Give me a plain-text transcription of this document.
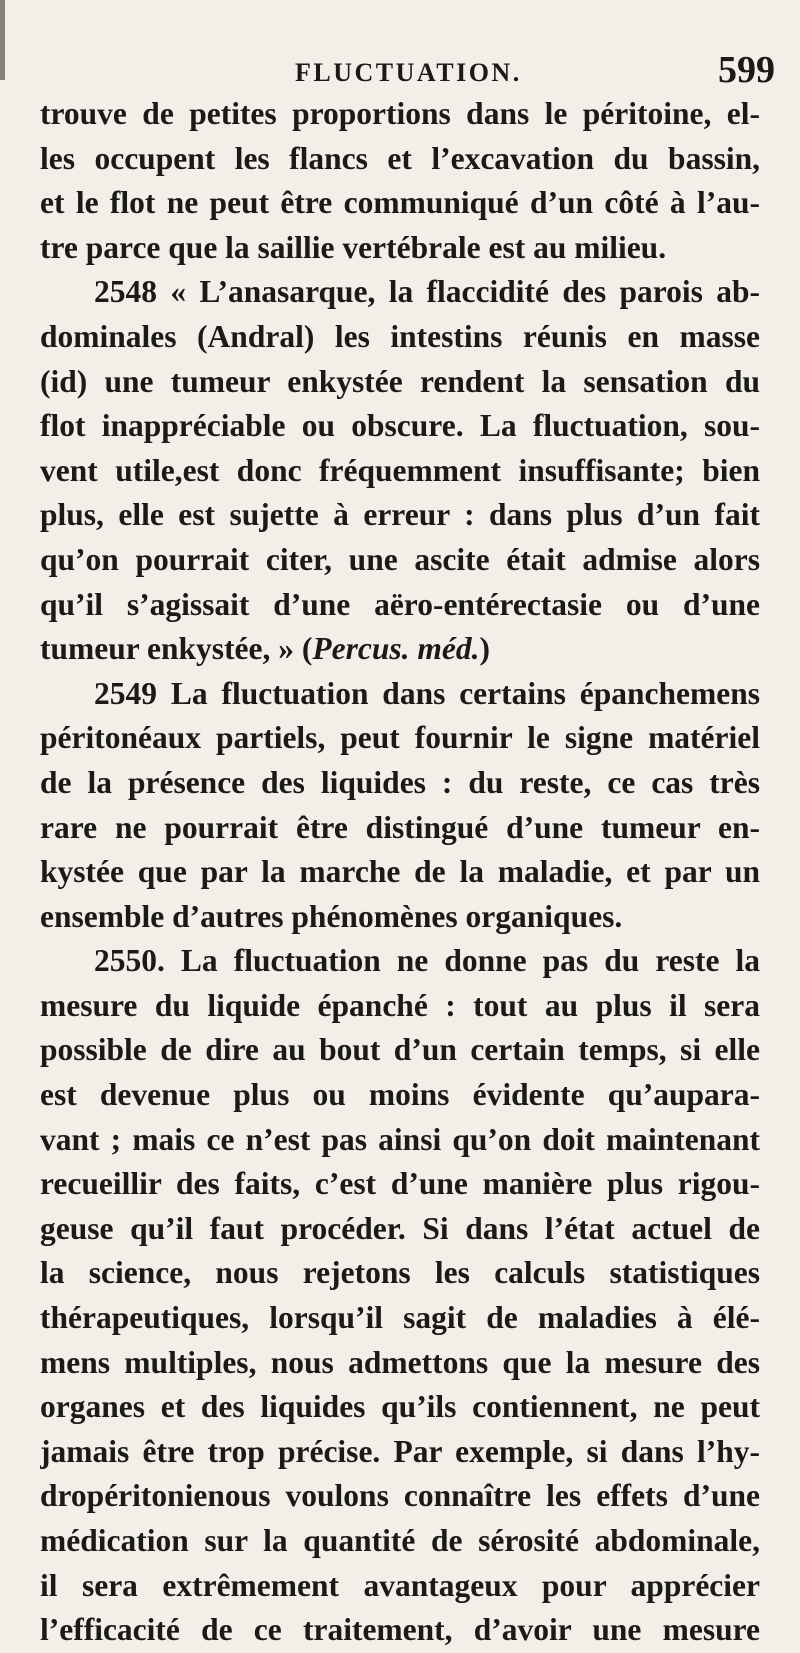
FLUCTUATION.	599
trouve de petites proportions dans le péritoine, el-
les occupent les flancs et l’excavation du bassin,
et le flot ne peut être communiqué d’un côté à l’au-
tre parce que la saillie vertébrale est au milieu.
2548 « L’anasarque, la flaccidité des parois ab-
dominales (Andral) les intestins réunis en masse
(id) une tumeur enkystée rendent la sensation du
flot inappréciable ou obscure. La fluctuation, sou-
vent utile,est donc fréquemment insuffisante; bien
plus, elle est sujette à erreur : dans plus d’un fait
qu’on pourrait citer, une ascite était admise alors
qu’il s’agissait d’une aëro-entérectasie ou d’une
tumeur enkystée, » (Percus. méd.)
2549 La fluctuation dans certains épanchemens
péritonéaux partiels, peut fournir le signe matériel
de la présence des liquides : du reste, ce cas très
rare ne pourrait être distingué d’une tumeur en-
kystée que par la marche de la maladie, et par un
ensemble d’autres phénomènes organiques.
2550. La fluctuation ne donne pas du reste la
mesure du liquide épanché : tout au plus il sera
possible de dire au bout d’un certain temps, si elle
est devenue plus ou moins évidente qu’aupara-
vant ; mais ce n’est pas ainsi qu’on doit maintenant
recueillir des faits, c’est d’une manière plus rigou-
geuse qu’il faut procéder. Si dans l’état actuel de
la science, nous rejetons les calculs statistiques
thérapeutiques, lorsqu’il sagit de maladies à élé-
mens multiples, nous admettons que la mesure des
organes et des liquides qu’ils contiennent, ne peut
jamais être trop précise. Par exemple, si dans l’hy-
dropéritonienous voulons connaître les effets d’une
médication sur la quantité de sérosité abdominale,
il sera extrêmement avantageux pour apprécier
l’efficacité de ce traitement, d’avoir une mesure
